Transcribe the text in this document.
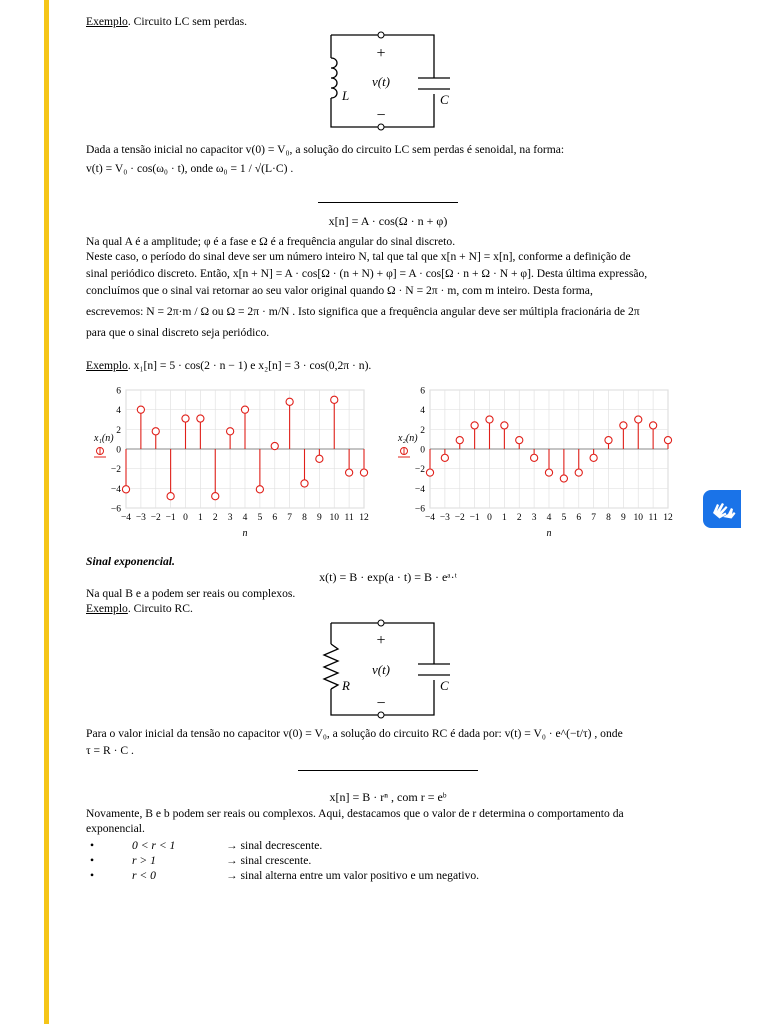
Exemplo. Circuito LC sem perdas.
+
−
v(t)
L	C

Dada a tensão inicial no capacitor v(0) = V₀, a solução do circuito LC sem perdas é senoidal, na forma:

v(t) = V₀ · cos(ω₀ · t), onde ω₀ = 1 / √(L·C) .

x[n] = A · cos(Ω · n + φ)

Na qual A é a amplitude; φ é a fase e Ω é a frequência angular do sinal discreto.

Neste caso, o período do sinal deve ser um número inteiro N, tal que tal que x[n + N] = x[n], conforme a definição de

sinal periódico discreto. Então, x[n + N] = A · cos[Ω · (n + N) + φ] = A · cos[Ω · n + Ω · N + φ]. Desta última expressão,

concluímos que o sinal vai retornar ao seu valor original quando Ω · N = 2π · m, com m inteiro. Desta forma,

escrevemos: N = 2π·m / Ω ou Ω = 2π · m/N . Isto significa que a frequência angular deve ser múltipla fracionária de 2π

para que o sinal discreto seja periódico.

Exemplo. x₁[n] = 5 · cos(2 · n − 1) e x₂[n] = 3 · cos(0,2π · n).
−6
−4
−2
0
2
4
6
−4 −3 −2 −1 0 1 2 3 4 5 6 7 8 9 10 11 12
n
x₁(n)
−6
−4
−2
0
2
4
6
−4 −3 −2 −1 0 1 2 3 4 5 6 7 8 9 10 11 12
n
x₂(n)
Sinal exponencial.
x(t) = B · exp(a · t) = B · eᵃ·ᵗ
Na qual B e a podem ser reais ou complexos.
Exemplo. Circuito RC.
+
−
v(t)
R	C

Para o valor inicial da tensão no capacitor v(0) = V₀, a solução do circuito RC é dada por: v(t) = V₀ · e^(−t/τ) , onde

τ = R · C .

x[n] = B · rⁿ , com r = eᵇ

Novamente, B e b podem ser reais ou complexos. Aqui, destacamos que o valor de r determina o comportamento da

exponencial.

•	0 < r < 1	→ sinal decrescente.
•	r > 1	→ sinal crescente.
•	r < 0	→ sinal alterna entre um valor positivo e um negativo.
